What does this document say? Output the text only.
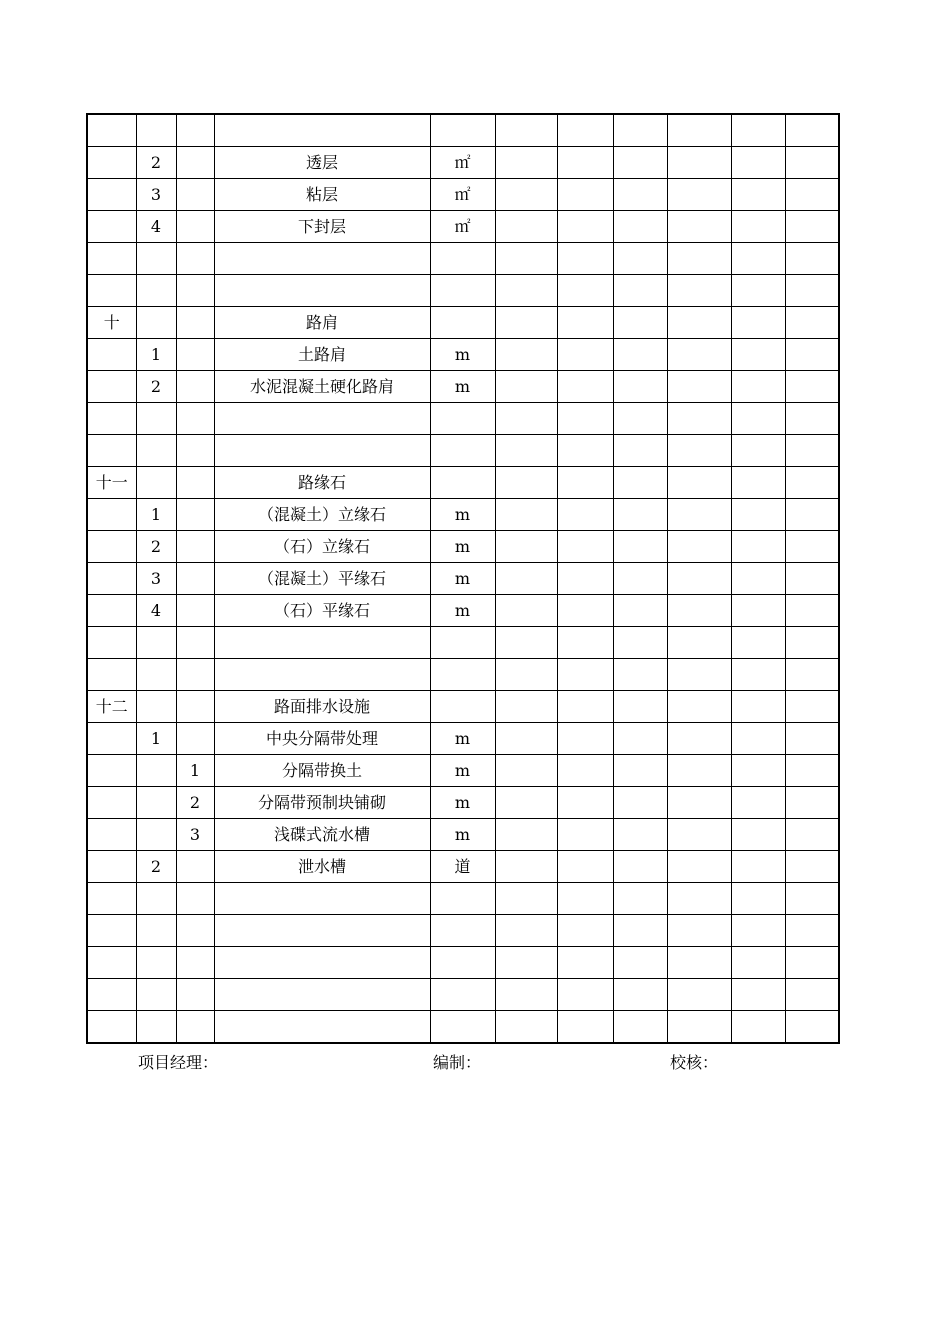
	2		透层	㎡						
	3		粘层	㎡						
	4		下封层	㎡						

十			路肩							
	1		土路肩	m						
	2		水泥混凝土硬化路肩	m						

十一			路缘石							
	1		（混凝土）立缘石	m						
	2		（石）立缘石	m						
	3		（混凝土）平缘石	m						
	4		（石）平缘石	m						

十二			路面排水设施							
	1		中央分隔带处理	m						
		1	分隔带换土	m						
		2	分隔带预制块铺砌	m						
		3	浅碟式流水槽	m						
	2		泄水槽	道						

项目经理：	编制：	校核：
